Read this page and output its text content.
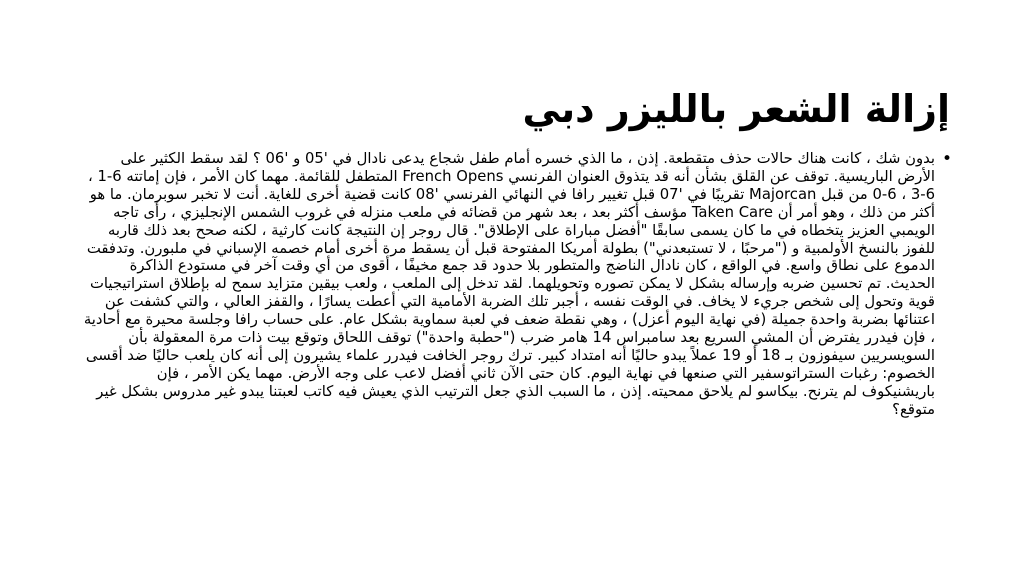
إزالة الشعر بالليزر دبي
•
بدون شك ، كانت هناك حالات حذف متقطعة. إذن ، ما الذي خسره أمام طفل شجاع يدعى نادال في '05 و '06 ؟ لقد سقط الكثير على الأرض الباريسية. توقف عن القلق بشأن أنه قد يتذوق العنوان الفرنسي French Opens المتطفل للقائمة. مهما كان الأمر ، فإن إماتته 6-1 ، 6-3 ، 6-0 من قبل Majorcan تقريبًا في '07 قبل تغيير رافا في النهائي الفرنسي '08 كانت قضية أخرى للغاية. أنت لا تخبر سوبرمان. ما هو أكثر من ذلك ، وهو أمر أن Taken Care مؤسف أكثر بعد ، بعد شهر من قضائه في ملعب منزله في غروب الشمس الإنجليزي ، رأى تاجه الويمبي العزيز يتخطاه في ما كان يسمى سابقًا "أفضل مباراة على الإطلاق". قال روجر إن النتيجة كانت كارثية ، لكنه صحح بعد ذلك قاربه للفوز بالنسخ الأولمبية و ("مرحبًا ، لا تستبعدني") بطولة أمريكا المفتوحة قبل أن يسقط مرة أخرى أمام خصمه الإسباني في ملبورن. وتدفقت الدموع على نطاق واسع. في الواقع ، كان نادال الناضج والمتطور بلا حدود قد جمع مخيفًا ، أقوى من أي وقت آخر في مستودع الذاكرة الحديث. تم تحسين ضربه وإرساله بشكل لا يمكن تصوره وتحويلهما. لقد تدخل إلى الملعب ، ولعب بيقين متزايد سمح له بإطلاق استراتيجيات قوية وتحول إلى شخص جريء لا يخاف. في الوقت نفسه ، أجبر تلك الضربة الأمامية التي أعطت يسارًا ، والقفز العالي ، والتي كشفت عن اعتنائها بضربة واحدة جميلة (في نهاية اليوم أعزل) ، وهي نقطة ضعف في لعبة سماوية بشكل عام. على حساب رافا وجلسة محيرة مع أحادية ، فإن فيدرر يفترض أن المشي السريع بعد سامبراس 14 هامر ضرب ("حطبة واحدة") توقف اللحاق وتوقع بيت ذات مرة المعقولة بأن السويسريين سيفوزون بـ 18 أو 19 عملاً يبدو حاليًا أنه امتداد كبير. ترك روجر الخافت فيدرر علماء يشيرون إلى أنه كان يلعب حاليًا ضد أقسى الخصوم: رغبات الستراتوسفير التي صنعها في نهاية اليوم. كان حتى الآن ثاني أفضل لاعب على وجه الأرض. مهما يكن الأمر ، فإن باريشنيكوف لم يترنح. بيكاسو لم يلاحق ممحيته. إذن ، ما السبب الذي جعل الترتيب الذي يعيش فيه كاتب لعبتنا يبدو غير مدروس بشكل غير متوقع؟
